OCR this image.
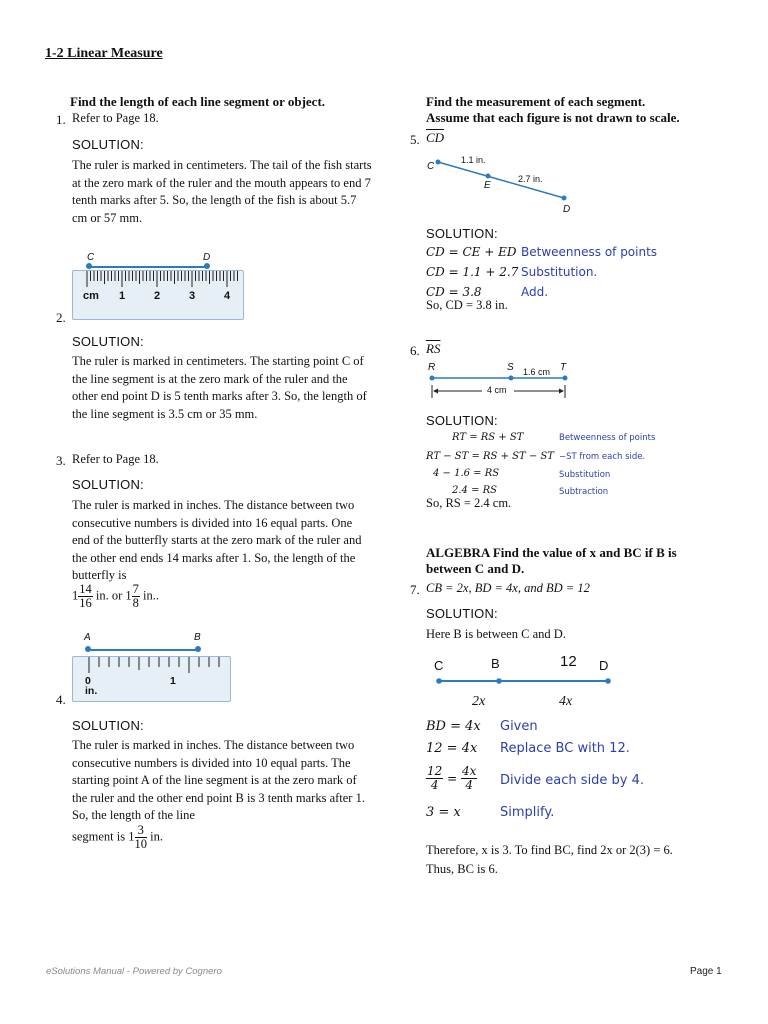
1-2 Linear Measure
Find the length of each line segment or object.
1. Refer to Page 18.
SOLUTION:
The ruler is marked in centimeters. The tail of the fish starts at the zero mark of the ruler and the mouth appears to end 7 tenth marks after 5. So, the length of the fish is about 5.7 cm or 57 mm.
C	D
cm 1	2	3	4
2.
SOLUTION:
The ruler is marked in centimeters. The starting point C of the line segment is at the zero mark of the ruler and the other end point D is 5 tenth marks after 3. So, the length of the line segment is 3.5 cm or 35 mm.
3. Refer to Page 18.
SOLUTION:
The ruler is marked in inches. The distance between two consecutive numbers is divided into 16 equal parts. One end of the butterfly starts at the zero mark of the ruler and the other end ends 14 marks after 1. So, the length of the butterfly is
$1 \frac{14}{16}$ in. or $1 \frac{7}{8}$ in..
A	B
0
in.
1
4.
SOLUTION:
The ruler is marked in inches. The distance between two consecutive numbers is divided into 10 equal parts. The starting point A of the line segment is at the zero mark of the ruler and the other end point B is 3 tenth marks after 1. So, the length of the line
segment is $1 \frac{3}{10}$ in.
Find the measurement of each segment.
Assume that each figure is not drawn to scale.
5. $\overline{CD}$
C
E
D
1.1 in.
2.7 in.
SOLUTION:
CD = CE + ED Betweenness of points
CD = 1.1 + 2.7 Substitution.
CD = 3.8	Add.
So, CD = 3.8 in.
6. $\overline{RS}$
R	S	T
1.6 cm
4 cm
SOLUTION:
RT = RS + ST	Betweenness of points
RT − ST = RS + ST − ST −ST from each side.
4 − 1.6 = RS	Substitution
2.4 = RS	Subtraction
So, RS = 2.4 cm.
ALGEBRA Find the value of x and BC if B is
between C and D.
7. CB = 2x, BD = 4x, and BD = 12
SOLUTION:
Here B is between C and D.
C	B	12 D
2x	4x
BD = 4x Given
12 = 4x Replace BC with 12.
$\frac{12}{4} = \frac{4x}{4}$ Divide each side by 4.
3 = x	Simplify.
Therefore, x is 3. To find BC, find 2x or 2(3) = 6.
Thus, BC is 6.
eSolutions Manual - Powered by Cognero	Page 1
